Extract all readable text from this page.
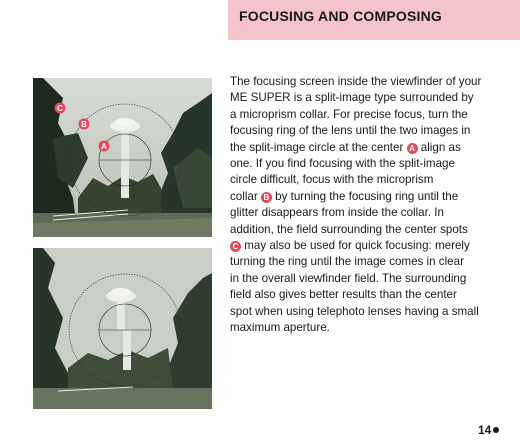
FOCUSING AND COMPOSING
C
B
A
The focusing screen inside the viewfinder of your
ME SUPER is a split-image type surrounded by
a microprism collar. For precise focus, turn the
focusing ring of the lens until the two images in
the split-image circle at the center A align as
one. If you find focusing with the split-image
circle difficult, focus with the microprism
collar B by turning the focusing ring until the
glitter disappears from inside the collar. In
addition, the field surrounding the center spots
C may also be used for quick focusing: merely
turning the ring until the image comes in clear
in the overall viewfinder field. The surrounding
field also gives better results than the center
spot when using telephoto lenses having a small
maximum aperture.
14
